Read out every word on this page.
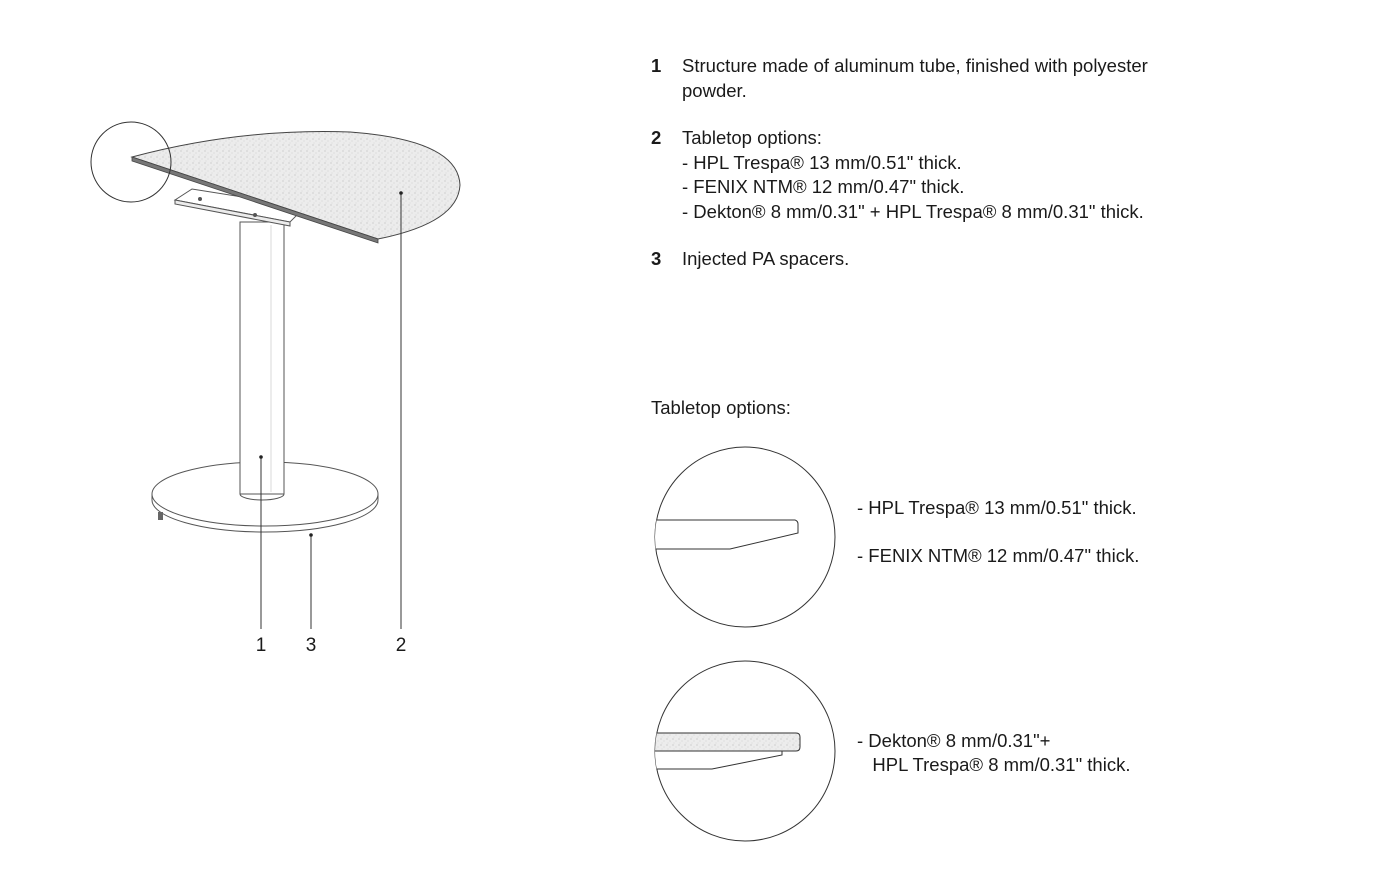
1 3	2
1	Structure made of aluminum tube, finished with polyester
powder.
2	Tabletop options:
- HPL Trespa® 13 mm/0.51" thick.
- FENIX NTM® 12 mm/0.47" thick.
- Dekton® 8 mm/0.31" + HPL Trespa® 8 mm/0.31" thick.
3	Injected PA spacers.
Tabletop options:
- HPL Trespa® 13 mm/0.51" thick.
- FENIX NTM® 12 mm/0.47" thick.
- Dekton® 8 mm/0.31"+
HPL Trespa® 8 mm/0.31" thick.
